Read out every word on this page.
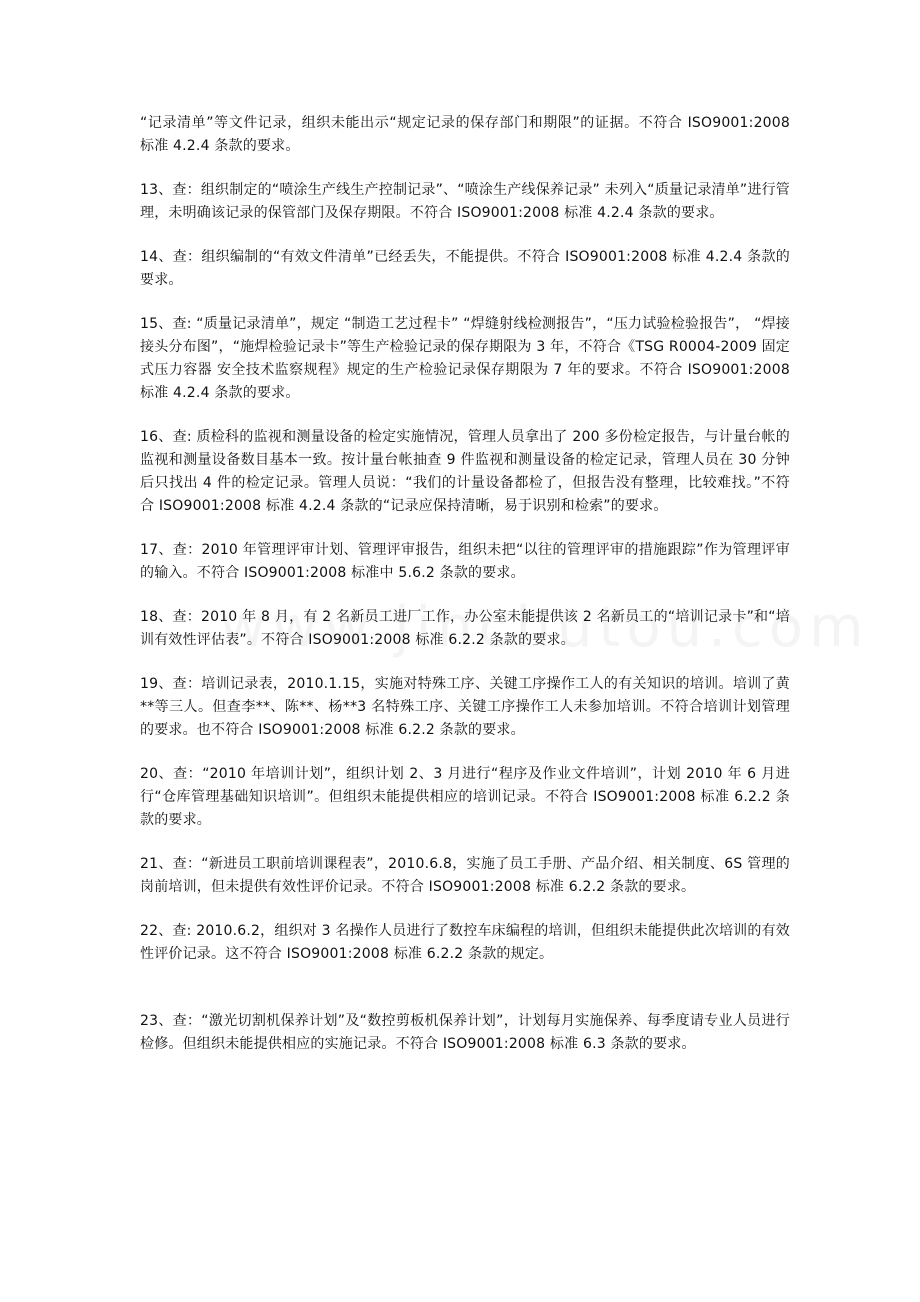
“记录清单”等文件记录，组织未能出示“规定记录的保存部门和期限”的证据。不符合 ISO9001:2008 标准 4.2.4 条款的要求。

13、查：组织制定的“喷涂生产线生产控制记录”、“喷涂生产线保养记录” 未列入“质量记录清单”进行管理，未明确该记录的保管部门及保存期限。不符合 ISO9001:2008 标准 4.2.4 条款的要求。

14、查：组织编制的“有效文件清单”已经丢失，不能提供。不符合 ISO9001:2008 标准 4.2.4 条款的要求。

15、查: “质量记录清单”，规定 “制造工艺过程卡” “焊缝射线检测报告”，“压力试验检验报告”， “焊接接头分布图”，“施焊检验记录卡”等生产检验记录的保存期限为 3 年，不符合《TSG R0004-2009 固定式压力容器 安全技术监察规程》规定的生产检验记录保存期限为 7 年的要求。不符合 ISO9001:2008 标准 4.2.4 条款的要求。

16、查: 质检科的监视和测量设备的检定实施情况，管理人员拿出了 200 多份检定报告，与计量台帐的监视和测量设备数目基本一致。按计量台帐抽查 9 件监视和测量设备的检定记录，管理人员在 30 分钟后只找出 4 件的检定记录。管理人员说：“我们的计量设备都检了，但报告没有整理，比较难找。”不符合 ISO9001:2008 标准 4.2.4 条款的“记录应保持清晰，易于识别和检索”的要求。

17、查：2010 年管理评审计划、管理评审报告，组织未把“以往的管理评审的措施跟踪”作为管理评审的输入。不符合 ISO9001:2008 标准中 5.6.2 条款的要求。

18、查：2010 年 8 月，有 2 名新员工进厂工作，办公室未能提供该 2 名新员工的“培训记录卡”和“培训有效性评估表”。不符合 ISO9001:2008 标准 6.2.2 条款的要求。

19、查：培训记录表，2010.1.15，实施对特殊工序、关键工序操作工人的有关知识的培训。培训了黄**等三人。但查李**、陈**、杨**3 名特殊工序、关键工序操作工人未参加培训。不符合培训计划管理的要求。也不符合 ISO9001:2008 标准 6.2.2 条款的要求。

20、查：“2010 年培训计划”，组织计划 2、3 月进行“程序及作业文件培训”，计划 2010 年 6 月进行“仓库管理基础知识培训”。但组织未能提供相应的培训记录。不符合 ISO9001:2008 标准 6.2.2 条款的要求。

21、查：“新进员工职前培训课程表”，2010.6.8，实施了员工手册、产品介绍、相关制度、6S 管理的岗前培训，但未提供有效性评价记录。不符合 ISO9001:2008 标准 6.2.2 条款的要求。

22、查: 2010.6.2，组织对 3 名操作人员进行了数控车床编程的培训，但组织未能提供此次培训的有效性评价记录。这不符合 ISO9001:2008 标准 6.2.2 条款的规定。

23、查：“激光切割机保养计划”及“数控剪板机保养计划”，计划每月实施保养、每季度请专业人员进行检修。但组织未能提供相应的实施记录。不符合 ISO9001:2008 标准 6.3 条款的要求。
